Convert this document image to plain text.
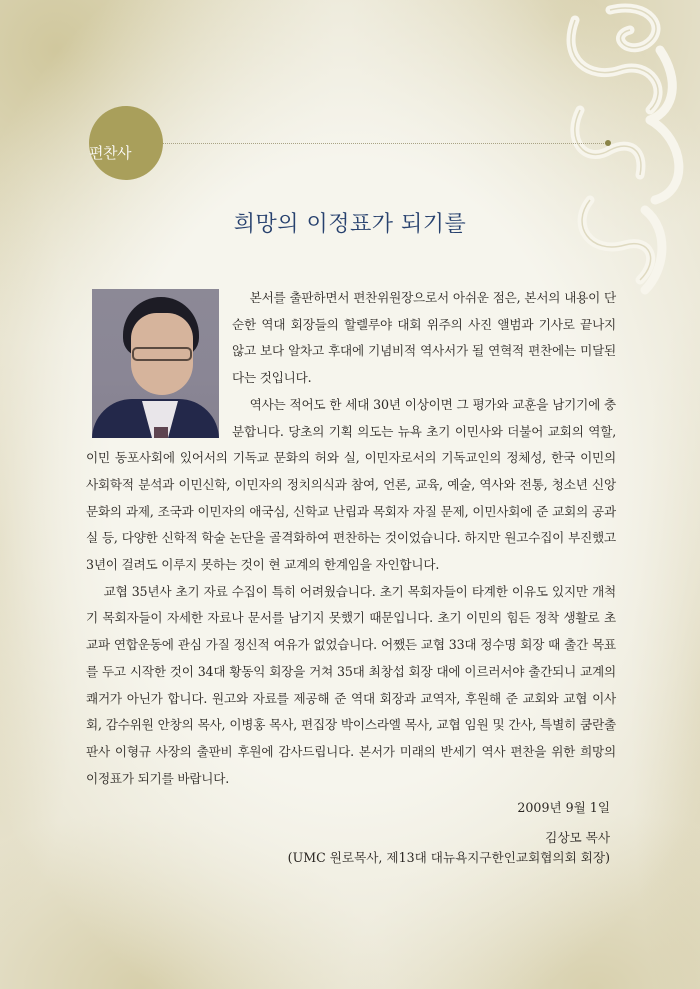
편찬사
희망의 이정표가 되기를

본서를 출판하면서 편찬위원장으로서 아쉬운 점은, 본서의 내용이 단순한 역대 회장들의 할렐루야 대회 위주의 사진 앨범과 기사로 끝나지 않고 보다 알차고 후대에 기념비적 역사서가 될 연혁적 편찬에는 미달된다는 것입니다.

역사는 적어도 한 세대 30년 이상이면 그 평가와 교훈을 남기기에 충분합니다. 당초의 기획 의도는 뉴욕 초기 이민사와 더불어 교회의 역할, 이민 동포사회에 있어서의 기독교 문화의 허와 실, 이민자로서의 기독교인의 정체성, 한국 이민의 사회학적 분석과 이민신학, 이민자의 정치의식과 참여, 언론, 교육, 예술, 역사와 전통, 청소년 신앙문화의 과제, 조국과 이민자의 애국심, 신학교 난립과 목회자 자질 문제, 이민사회에 준 교회의 공과 실 등, 다양한 신학적 학술 논단을 골격화하여 편찬하는 것이었습니다. 하지만 원고수집이 부진했고 3년이 걸려도 이루지 못하는 것이 현 교계의 한계임을 자인합니다.

교협 35년사 초기 자료 수집이 특히 어려웠습니다. 초기 목회자들이 타계한 이유도 있지만 개척기 목회자들이 자세한 자료나 문서를 남기지 못했기 때문입니다. 초기 이민의 힘든 정착 생활로 초교파 연합운동에 관심 가질 정신적 여유가 없었습니다. 어쨌든 교협 33대 정수명 회장 때 출간 목표를 두고 시작한 것이 34대 황동익 회장을 거쳐 35대 최창섭 회장 대에 이르러서야 출간되니 교계의 쾌거가 아닌가 합니다. 원고와 자료를 제공해 준 역대 회장과 교역자, 후원해 준 교회와 교협 이사회, 감수위원 안창의 목사, 이병홍 목사, 편집장 박이스라엘 목사, 교협 임원 및 간사, 특별히 쿰란출판사 이형규 사장의 출판비 후원에 감사드립니다. 본서가 미래의 반세기 역사 편찬을 위한 희망의 이정표가 되기를 바랍니다.

2009년 9월 1일
김상모 목사
(UMC 원로목사, 제13대 대뉴욕지구한인교회협의회 회장)
